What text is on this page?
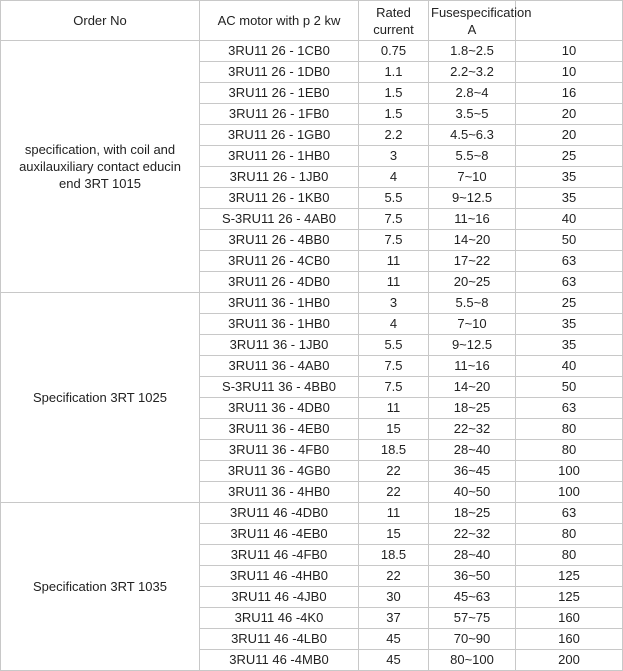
Order No	AC motor with p 2 kw	Rated current	Fusespecification A	
specification, with coil and auxilauxiliary contact educin end 3RT 1015	3RU11 26 - 1CB0	0.75	1.8~2.5	10
	3RU11 26 - 1DB0	1.1	2.2~3.2	10
	3RU11 26 - 1EB0	1.5	2.8~4	16
	3RU11 26 - 1FB0	1.5	3.5~5	20
	3RU11 26 - 1GB0	2.2	4.5~6.3	20
	3RU11 26 - 1HB0	3	5.5~8	25
	3RU11 26 - 1JB0	4	7~10	35
	3RU11 26 - 1KB0	5.5	9~12.5	35
	S-3RU11 26 - 4AB0	7.5	11~16	40
	3RU11 26 - 4BB0	7.5	14~20	50
	3RU11 26 - 4CB0	11	17~22	63
	3RU11 26 - 4DB0	11	20~25	63
Specification 3RT 1025	3RU11 36 - 1HB0	3	5.5~8	25
	3RU11 36 - 1HB0	4	7~10	35
	3RU11 36 - 1JB0	5.5	9~12.5	35
	3RU11 36 - 4AB0	7.5	11~16	40
	S-3RU11 36 - 4BB0	7.5	14~20	50
	3RU11 36 - 4DB0	11	18~25	63
	3RU11 36 - 4EB0	15	22~32	80
	3RU11 36 - 4FB0	18.5	28~40	80
	3RU11 36 - 4GB0	22	36~45	100
	3RU11 36 - 4HB0	22	40~50	100
Specification 3RT 1035	3RU11 46 -4DB0	11	18~25	63
	3RU11 46 -4EB0	15	22~32	80
	3RU11 46 -4FB0	18.5	28~40	80
	3RU11 46 -4HB0	22	36~50	125
	3RU11 46 -4JB0	30	45~63	125
	3RU11 46 -4K0	37	57~75	160
	3RU11 46 -4LB0	45	70~90	160
	3RU11 46 -4MB0	45	80~100	200
